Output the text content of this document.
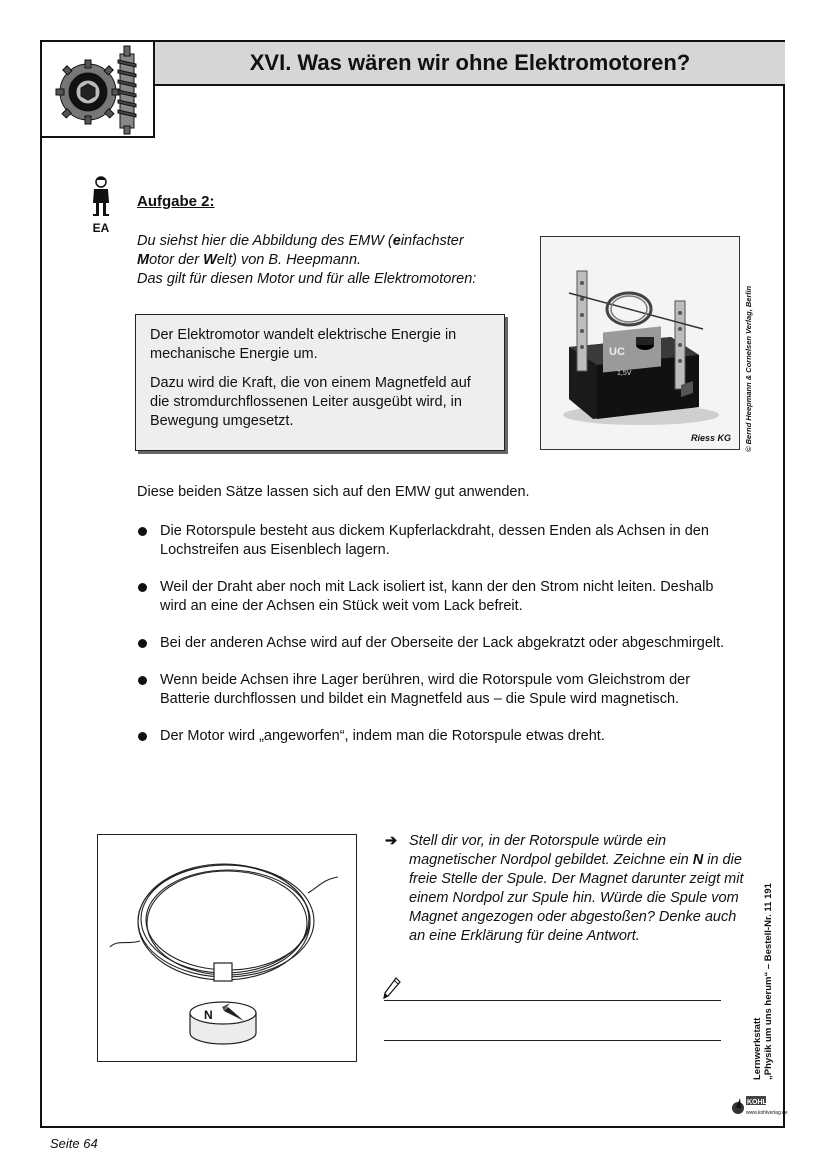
XVI. Was wären wir ohne Elektromotoren?
EA
Aufgabe 2:

Du siehst hier die Abbildung des EMW (einfachster
Motor der Welt) von B. Heepmann.

Das gilt für diesen Motor und für alle Elektromotoren:

Der Elektromotor wandelt elektrische Energie in mechanische Energie um.

Dazu wird die Kraft, die von einem Magnetfeld auf die stromdurchflossenen Leiter ausgeübt wird, in Bewegung umgesetzt.

UC
1,5V
Riess KG © Bernd Heepmann & Cornelsen Verlag, Berlin
Diese beiden Sätze lassen sich auf den EMW gut anwenden.
Die Rotorspule besteht aus dickem Kupferlackdraht, dessen Enden als Achsen in den Lochstreifen aus Eisenblech lagern.
Weil der Draht aber noch mit Lack isoliert ist, kann der den Strom nicht leiten. Deshalb wird an eine der Achsen ein Stück weit vom Lack befreit.
Bei der anderen Achse wird auf der Oberseite der Lack abgekratzt oder abgeschmirgelt.
Wenn beide Achsen ihre Lager berühren, wird die Rotorspule vom Gleichstrom der Batterie durchflossen und bildet ein Magnetfeld aus – die Spule wird magnetisch.
Der Motor wird „angeworfen“, indem man die Rotorspule etwas dreht.
N
➔ Stell dir vor, in der Rotorspule würde ein magnetischer Nordpol gebildet. Zeichne ein N in die freie Stelle der Spule. Der Magnet darunter zeigt mit einem Nordpol zur Spule hin. Würde die Spule vom Magnet angezogen oder abgestoßen? Denke auch an eine Erklärung für deine Antwort.
Lernwerkstatt „Physik um uns herum“ – Bestell-Nr. 11 191
KOHL
www.kohlverlag.de
Seite 64
